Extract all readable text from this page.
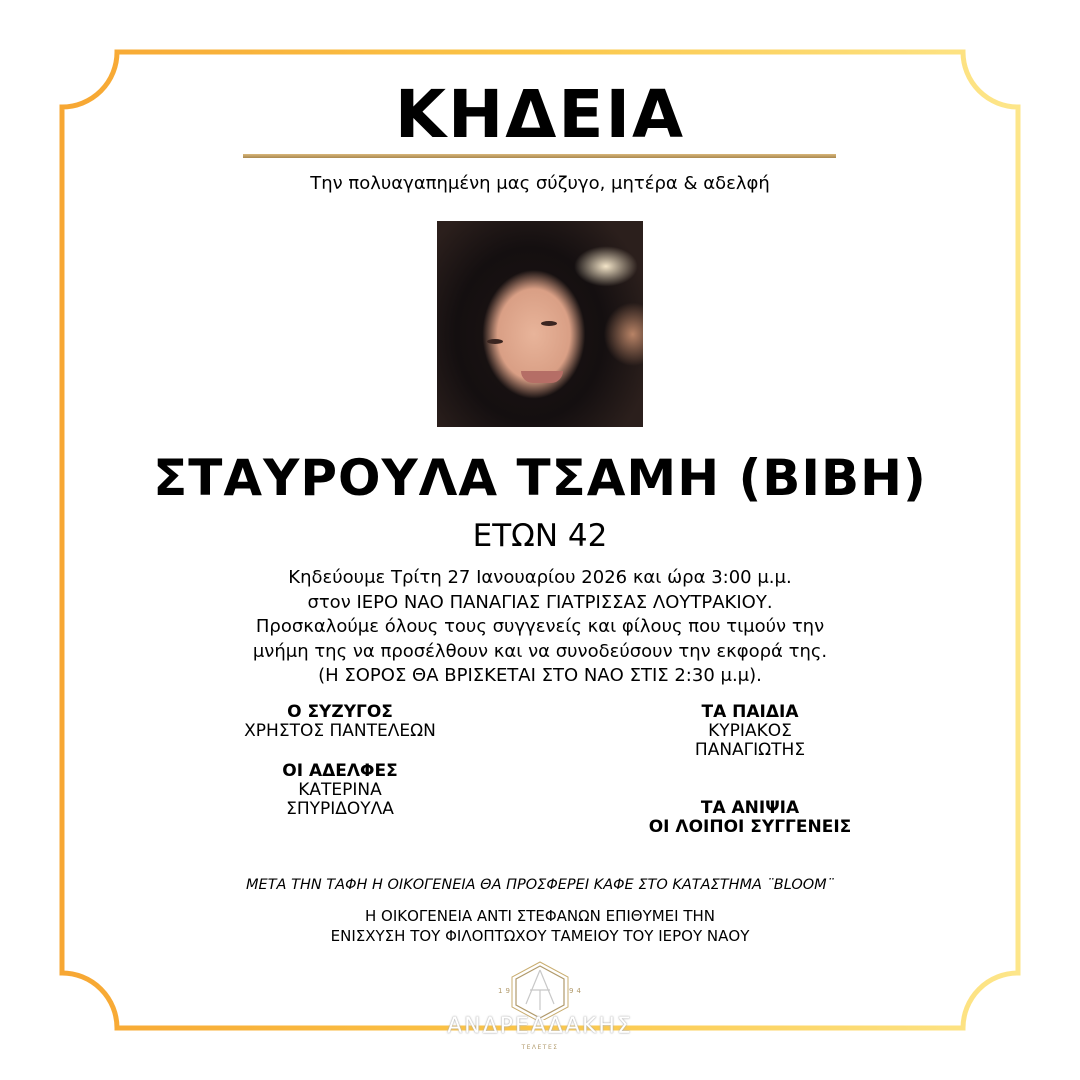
ΚΗΔΕΙΑ
Την πολυαγαπημένη μας σύζυγο, μητέρα & αδελφή
ΣΤΑΥΡΟΥΛΑ ΤΣΑΜΗ (ΒΙΒΗ)
ΕΤΩΝ 42
Κηδεύουμε Τρίτη 27 Ιανουαρίου 2026 και ώρα 3:00 μ.μ.
στον ΙΕΡΟ ΝΑΟ ΠΑΝΑΓΙΑΣ ΓΙΑΤΡΙΣΣΑΣ ΛΟΥΤΡΑΚΙΟΥ.
Προσκαλούμε όλους τους συγγενείς και φίλους που τιμούν την
μνήμη της να προσέλθουν και να συνοδεύσουν την εκφορά της.
(Η ΣΟΡΟΣ ΘΑ ΒΡΙΣΚΕΤΑΙ ΣΤΟ ΝΑΟ ΣΤΙΣ 2:30 μ.μ).
Ο ΣΥΖΥΓΟΣ
ΧΡΗΣΤΟΣ ΠΑΝΤΕΛΕΩΝ
ΟΙ ΑΔΕΛΦΕΣ
ΚΑΤΕΡΙΝΑ
ΣΠΥΡΙΔΟΥΛΑ
ΤΑ ΠΑΙΔΙΑ
ΚΥΡΙΑΚΟΣ
ΠΑΝΑΓΙΩΤΗΣ
ΤΑ ΑΝΙΨΙΑ
ΟΙ ΛΟΙΠΟΙ ΣΥΓΓΕΝΕΙΣ
ΜΕΤΑ ΤΗΝ ΤΑΦΗ Η ΟΙΚΟΓΕΝΕΙΑ ΘΑ ΠΡΟΣΦΕΡΕΙ ΚΑΦΕ ΣΤΟ ΚΑΤΑΣΤΗΜΑ ¨BLOOM¨
Η ΟΙΚΟΓΕΝΕΙΑ ΑΝΤΙ ΣΤΕΦΑΝΩΝ ΕΠΙΘΥΜΕΙ ΤΗΝ
ΕΝΙΣΧΥΣΗ ΤΟΥ ΦΙΛΟΠΤΩΧΟΥ ΤΑΜΕΙΟΥ ΤΟΥ ΙΕΡΟΥ ΝΑΟΥ
19	94
ΑΝΔΡΕΑΔΑΚΗΣ
ΤΕΛΕΤΕΣ
